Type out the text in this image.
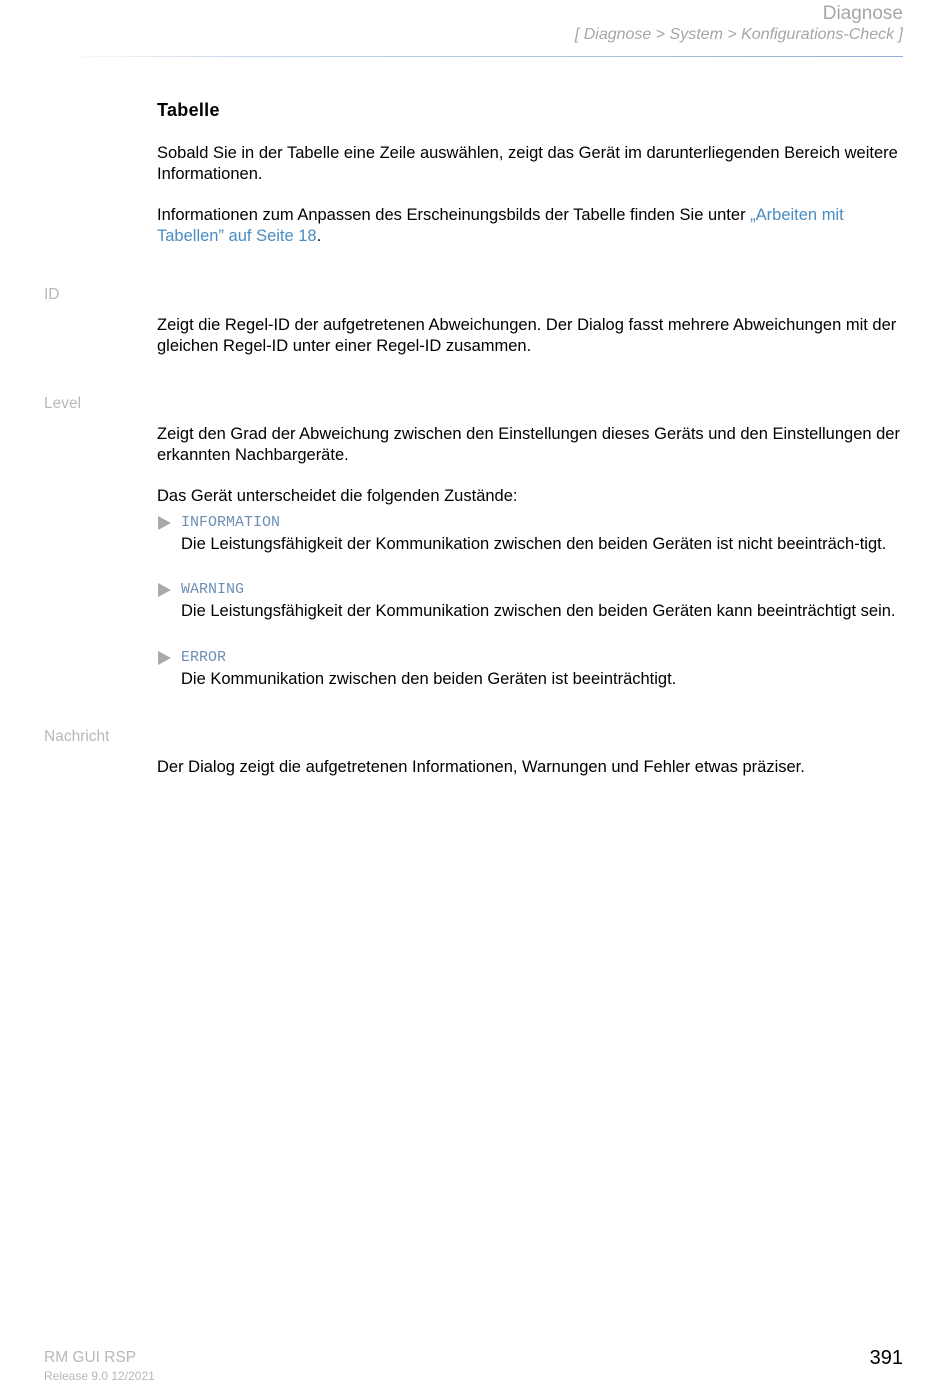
Diagnose
[ Diagnose > System > Konfigurations-Check ]
Tabelle
Sobald Sie in der Tabelle eine Zeile auswählen, zeigt das Gerät im darunterliegenden Bereich weitere Informationen.
Informationen zum Anpassen des Erscheinungsbilds der Tabelle finden Sie unter „Arbeiten mit Tabellen” auf Seite 18.
ID
Zeigt die Regel-ID der aufgetretenen Abweichungen. Der Dialog fasst mehrere Abweichungen mit der gleichen Regel-ID unter einer Regel-ID zusammen.
Level
Zeigt den Grad der Abweichung zwischen den Einstellungen dieses Geräts und den Einstellungen der erkannten Nachbargeräte.
Das Gerät unterscheidet die folgenden Zustände:
INFORMATION
Die Leistungsfähigkeit der Kommunikation zwischen den beiden Geräten ist nicht beeinträch-tigt.
WARNING
Die Leistungsfähigkeit der Kommunikation zwischen den beiden Geräten kann beeinträchtigt sein.
ERROR
Die Kommunikation zwischen den beiden Geräten ist beeinträchtigt.
Nachricht
Der Dialog zeigt die aufgetretenen Informationen, Warnungen und Fehler etwas präziser.
RM GUI RSP
Release 9.0 12/2021
391
